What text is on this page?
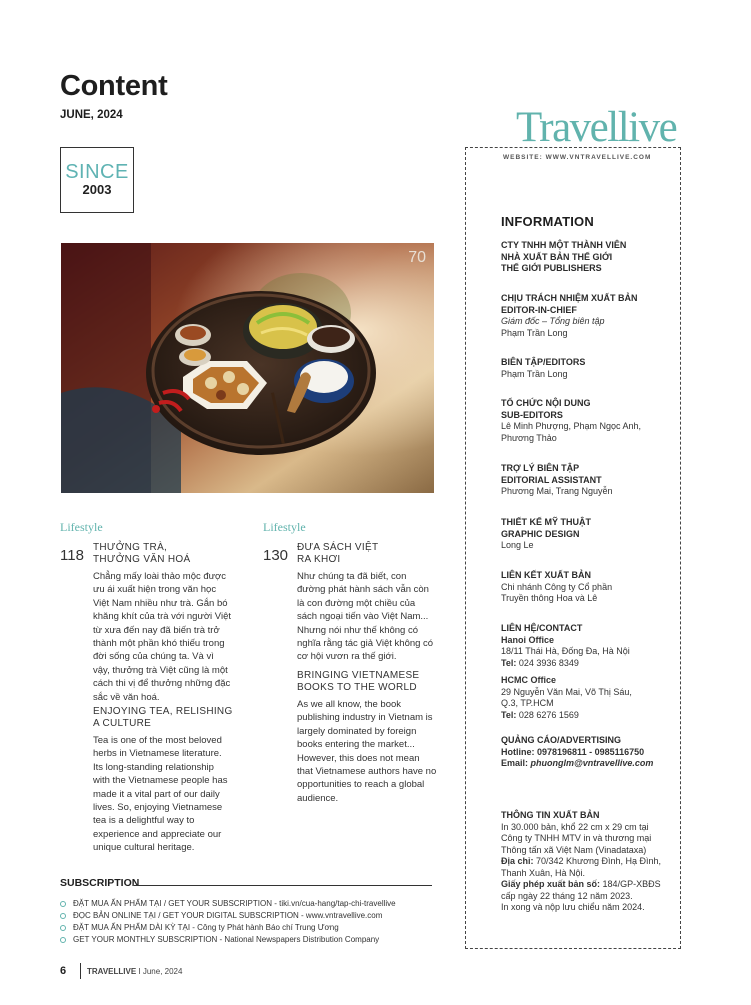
Content
JUNE, 2024
SINCE
2003
Travellive
WEBSITE: WWW.VNTRAVELLIVE.COM
INFORMATION
CTY TNHH MỘT THÀNH VIÊN
NHÀ XUẤT BẢN THẾ GIỚI
THẾ GIỚI PUBLISHERS
CHỊU TRÁCH NHIỆM XUẤT BẢN
EDITOR-IN-CHIEF
Giám đốc – Tổng biên tập
Phạm Trần Long
BIÊN TẬP/EDITORS
Phạm Trần Long
TỔ CHỨC NỘI DUNG
SUB-EDITORS
Lê Minh Phượng, Phạm Ngọc Anh, Phương Thảo
TRỢ LÝ BIÊN TẬP
EDITORIAL ASSISTANT
Phương Mai, Trang Nguyễn
THIẾT KẾ MỸ THUẬT
GRAPHIC DESIGN
Long Le
LIÊN KẾT XUẤT BẢN
Chi nhánh Công ty Cổ phần
Truyền thông Hoa và Lê
LIÊN HỆ/CONTACT
Hanoi Office
18/11 Thái Hà, Đống Đa, Hà Nội
Tel: 024 3936 8349
HCMC Office
29 Nguyễn Văn Mai, Võ Thị Sáu,
Q.3, TP.HCM
Tel: 028 6276 1569
QUẢNG CÁO/ADVERTISING
Hotline: 0978196811 - 0985116750
Email: phuonglm@vntravellive.com
THÔNG TIN XUẤT BẢN
In 30.000 bản, khổ 22 cm x 29 cm tại Công ty TNHH MTV in và thương mại Thông tấn xã Việt Nam (Vinadataxa)
Địa chỉ: 70/342 Khương Đình, Hạ Đình, Thanh Xuân, Hà Nội.
Giấy phép xuất bản số: 184/GP-XBĐS cấp ngày 22 tháng 12 năm 2023.
In xong và nộp lưu chiểu năm 2024.
70
Lifestyle
118 THƯỞNG TRÀ,
THƯỞNG VĂN HOÁ
Chẳng mấy loài thảo mộc được ưu ái xuất hiện trong văn học Việt Nam nhiều như trà. Gắn bó khăng khít của trà với người Việt từ xưa đến nay đã biến trà trở thành một phần khó thiếu trong đời sống của chúng ta. Và vì vậy, thưởng trà Việt cũng là một cách thi vị để thưởng những đặc sắc về văn hoá.
ENJOYING TEA, RELISHING A CULTURE
Tea is one of the most beloved herbs in Vietnamese literature. Its long-standing relationship with the Vietnamese people has made it a vital part of our daily lives. So, enjoying Vietnamese tea is a delightful way to experience and appreciate our unique cultural heritage.
Lifestyle
130 ĐƯA SÁCH VIỆT
RA KHƠI
Như chúng ta đã biết, con đường phát hành sách vẫn còn là con đường một chiều của sách ngoại tiến vào Việt Nam... Nhưng nói như thế không có nghĩa rằng tác giả Việt không có cơ hội vươn ra thế giới.
BRINGING VIETNAMESE BOOKS TO THE WORLD
As we all know, the book publishing industry in Vietnam is largely dominated by foreign books entering the market... However, this does not mean that Vietnamese authors have no opportunities to reach a global audience.
SUBSCRIPTION
ĐẶT MUA ẤN PHẨM TẠI / GET YOUR SUBSCRIPTION - tiki.vn/cua-hang/tap-chi-travellive
ĐỌC BẢN ONLINE TẠI / GET YOUR DIGITAL SUBSCRIPTION - www.vntravellive.com
ĐẶT MUA ẤN PHẨM DÀI KỲ TẠI - Công ty Phát hành Báo chí Trung Ương
GET YOUR MONTHLY SUBSCRIPTION - National Newspapers Distribution Company
6	TRAVELLIVE I June, 2024
